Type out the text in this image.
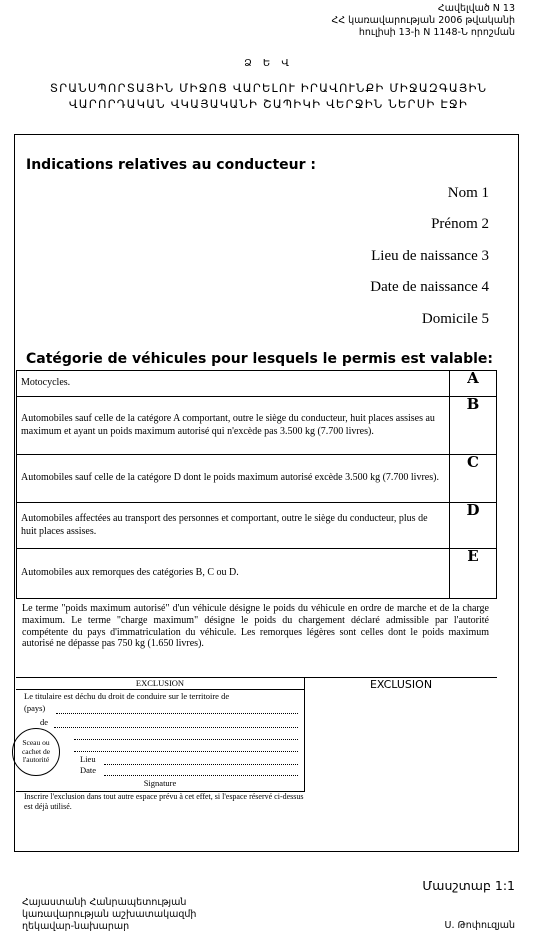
Հավելված N 13
ՀՀ կառավարության 2006 թվականի
հուլիսի 13-ի N 1148-Ն որոշման
Ձ Ե Վ
ՏՐԱՆՍՊՈՐՏԱՅԻՆ ՄԻՋՈՑ ՎԱՐԵԼՈՒ ԻՐԱՎՈՒՆՔԻ ՄԻՋԱԶԳԱՅԻՆ
ՎԱՐՈՐԴԱԿԱՆ ՎԿԱՅԱԿԱՆԻ ՇԱՊԻԿԻ ՎԵՐՋԻՆ ՆԵՐՍԻ ԷՋԻ
Indications relatives au conducteur :
Nom 1
Prénom 2
Lieu de naissance 3
Date de naissance 4
Domicile 5
Catégorie de véhicules pour lesquels le permis est valable:
Motocycles.	A
Automobiles sauf celle de la catégore A comportant, outre le siège du conducteur, huit places assises au maximum et ayant un poids maximum autorisé qui n'excède pas 3.500 kg (7.700 livres).	B
Automobiles sauf celle de la catégore D dont le poids maximum autorisé excède 3.500 kg (7.700 livres).	C
Automobiles affectées au transport des personnes et comportant, outre le siège du conducteur, plus de huit places assises.	D
Automobiles aux remorques des catégories B, C ou D.	E
Le terme "poids maximum autorisé" d'un véhicule désigne le poids du véhicule en ordre de marche et de la charge maximum. Le terme "charge maximum" désigne le poids du chargement déclaré admissible par l'autorité compétente du pays d'immatriculation du véhicule. Les remorques légères sont celles dont le poids maximum autorisé ne dépasse pas 750 kg (1.650 livres).
EXCLUSION	EXCLUSION
Le titulaire est déchu du droit de conduire sur le territoire de
(pays)
de
Sceau ou cachet de l'autorité	Lieu
Date
Signature
Inscrire l'exclusion dans tout autre espace prévu à cet effet, si l'espace réservé ci-dessus est déjà utilisé.
Հայաստանի Հանրապետության
կառավարության աշխատակազմի
ղեկավար-նախարար
Մասշտաբ 1:1
Ս. Թոփուզյան
